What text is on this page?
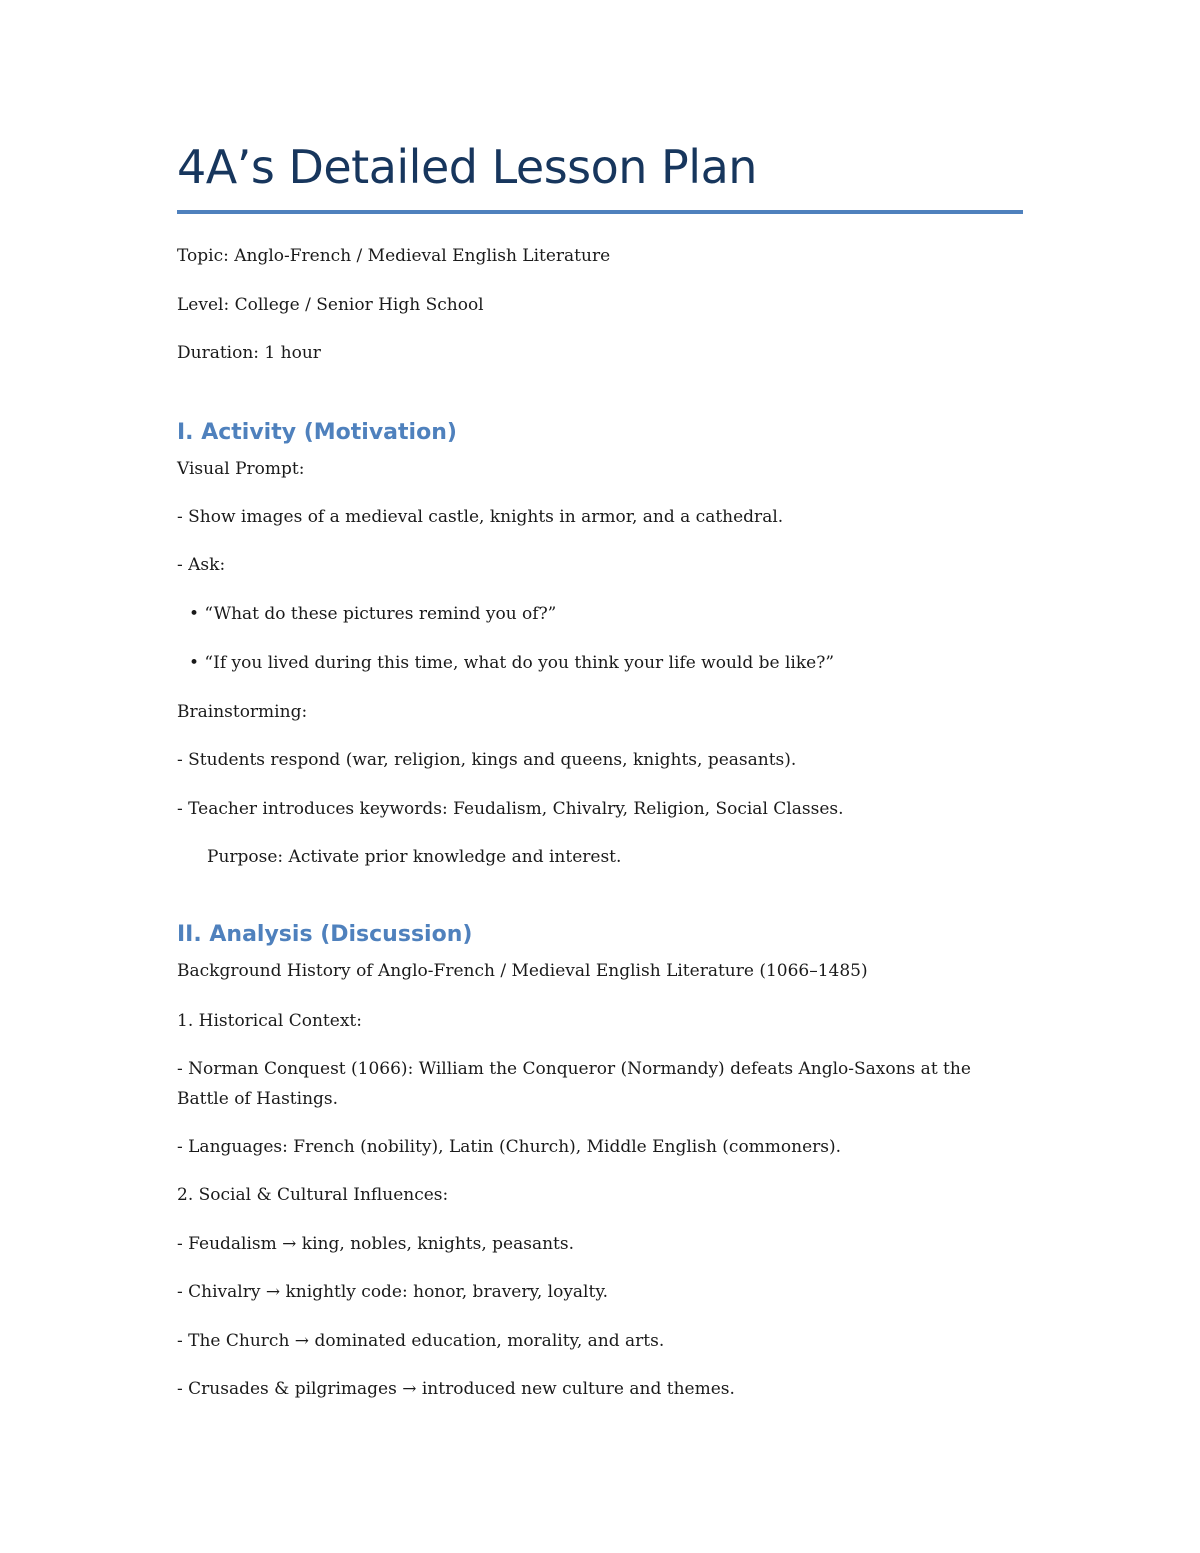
4A’s Detailed Lesson Plan

Topic: Anglo-French / Medieval English Literature

Level: College / Senior High School

Duration: 1 hour

I. Activity (Motivation)

Visual Prompt:

- Show images of a medieval castle, knights in armor, and a cathedral.

- Ask:

• “What do these pictures remind you of?”

• “If you lived during this time, what do you think your life would be like?”

Brainstorming:

- Students respond (war, religion, kings and queens, knights, peasants).

- Teacher introduces keywords: Feudalism, Chivalry, Religion, Social Classes.

Purpose: Activate prior knowledge and interest.

II. Analysis (Discussion)

Background History of Anglo-French / Medieval English Literature (1066–1485)

1. Historical Context:

- Norman Conquest (1066): William the Conqueror (Normandy) defeats Anglo-Saxons at the Battle of Hastings.

- Languages: French (nobility), Latin (Church), Middle English (commoners).

2. Social & Cultural Influences:

- Feudalism → king, nobles, knights, peasants.

- Chivalry → knightly code: honor, bravery, loyalty.

- The Church → dominated education, morality, and arts.

- Crusades & pilgrimages → introduced new culture and themes.
